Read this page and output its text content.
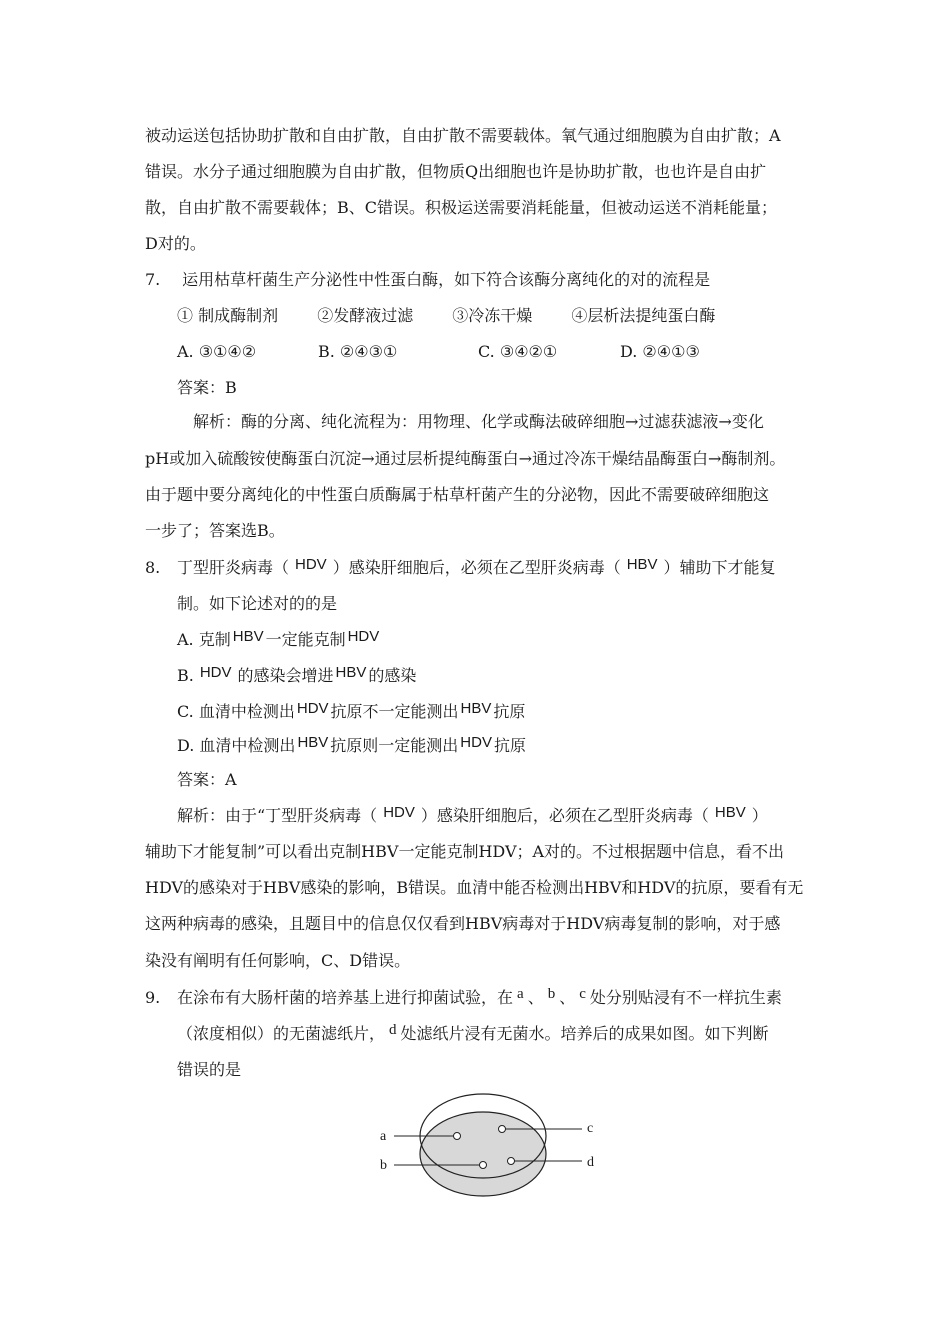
被动运送包括协助扩散和自由扩散，自由扩散不需要载体。氧气通过细胞膜为自由扩散；A
错误。水分子通过细胞膜为自由扩散，但物质Q出细胞也许是协助扩散，也也许是自由扩
散，自由扩散不需要载体；B、C错误。积极运送需要消耗能量，但被动运送不消耗能量；
D对的。
7. 运用枯草杆菌生产分泌性中性蛋白酶，如下符合该酶分离纯化的对的流程是
① 制成酶制剂 ②发酵液过滤 ③冷冻干燥 ④层析法提纯蛋白酶
A. ③①④②	B. ②④③①	C. ③④②①	D. ②④①③
答案：B
解析：酶的分离、纯化流程为：用物理、化学或酶法破碎细胞→过滤获滤液→变化
pH或加入硫酸铵使酶蛋白沉淀→通过层析提纯酶蛋白→通过冷冻干燥结晶酶蛋白→酶制剂。
由于题中要分离纯化的中性蛋白质酶属于枯草杆菌产生的分泌物，因此不需要破碎细胞这
一步了；答案选B。
8. 丁型肝炎病毒（ HDV ）感染肝细胞后，必须在乙型肝炎病毒（ HBV ）辅助下才能复
制。如下论述对的的是
A. 克制 HBV 一定能克制 HDV
B. HDV 的感染会增进 HBV 的感染
C. 血清中检测出 HDV 抗原不一定能测出 HBV 抗原
D. 血清中检测出 HBV 抗原则一定能测出 HDV 抗原
答案：A
解析：由于“丁型肝炎病毒（ HDV ）感染肝细胞后，必须在乙型肝炎病毒（ HBV ）
辅助下才能复制”可以看出克制HBV一定能克制HDV；A对的。不过根据题中信息，看不出
HDV的感染对于HBV感染的影响，B错误。血清中能否检测出HBV和HDV的抗原，要看有无
这两种病毒的感染，且题目中的信息仅仅看到HBV病毒对于HDV病毒复制的影响，对于感
染没有阐明有任何影响，C、D错误。
9. 在涂布有大肠杆菌的培养基上进行抑菌试验，在 a 、 b 、 c 处分别贴浸有不一样抗生素
（浓度相似）的无菌滤纸片， d 处滤纸片浸有无菌水。培养后的成果如图。如下判断
错误的是
a
b
c
d
